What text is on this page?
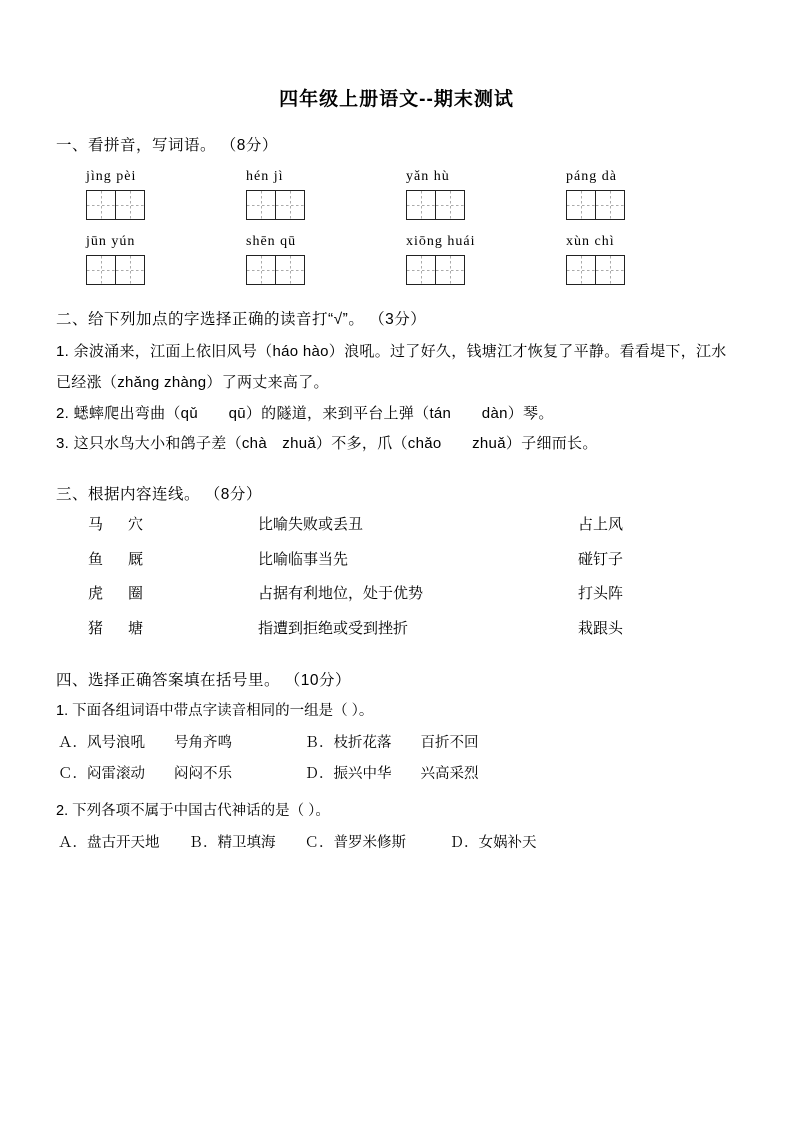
四年级上册语文--期末测试
一、看拼音，写词语。 （8分）
jìng pèi	hén jì	yǎn hù	páng dà
jūn yún	shēn qū	xiōng huái	xùn chì
二、给下列加点的字选择正确的读音打“√”。 （3分）
1. 余波涌来，江面上依旧风号（háo hào）浪吼。过了好久，钱塘江才恢复了平静。看看堤下，江水已经涨（zhǎng zhàng）了两丈来高了。
2. 蟋蟀爬出弯曲（qǔ　　qū）的隧道，来到平台上弹（tán　　dàn）琴。
3. 这只水鸟大小和鸽子差（chà　zhuǎ）不多，爪（chǎo　　zhuǎ）子细而长。
三、根据内容连线。 （8分）
马	穴	比喻失败或丢丑	占上风
鱼	厩	比喻临事当先	碰钉子
虎	圈	占据有利地位，处于优势	打头阵
猪	塘	指遭到拒绝或受到挫折	栽跟头
四、选择正确答案填在括号里。 （10分）
1. 下面各组词语中带点字读音相同的一组是（ ）。
Ａ．风号浪吼　　号角齐鸣　　　　　Ｂ．枝折花落　　百折不回
Ｃ．闷雷滚动　　闷闷不乐　　　　　Ｄ．振兴中华　　兴高采烈
2. 下列各项不属于中国古代神话的是（ ）。
Ａ．盘古开天地　　Ｂ．精卫填海　　Ｃ．普罗米修斯　　　Ｄ．女娲补天
